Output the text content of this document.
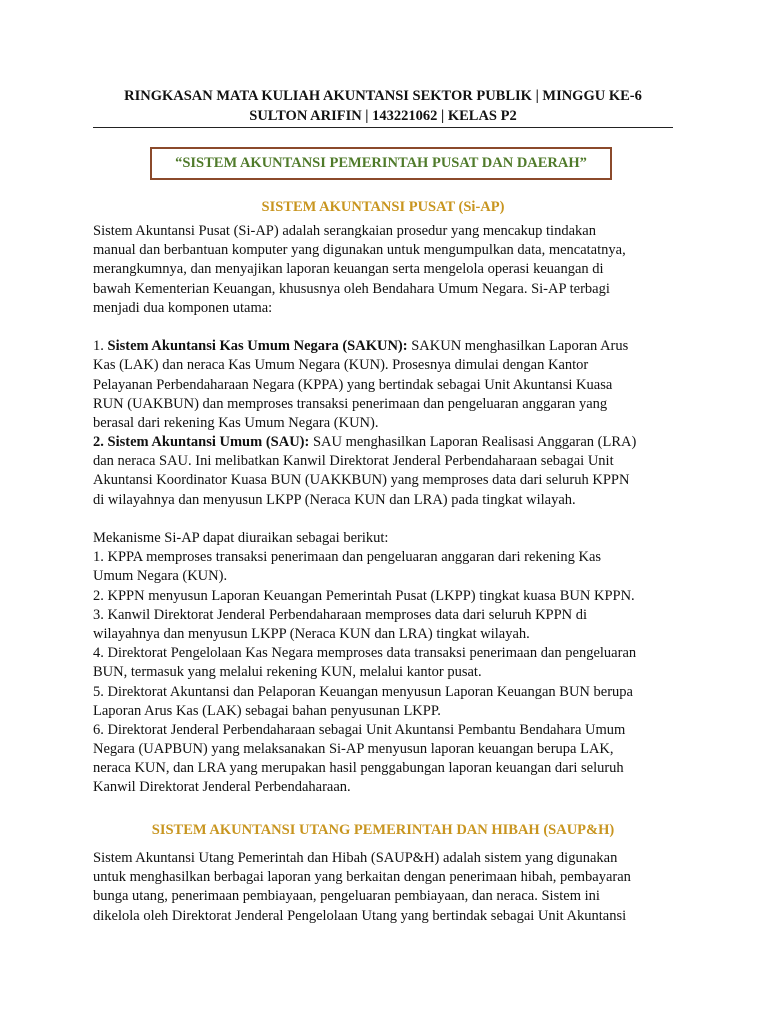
RINGKASAN MATA KULIAH AKUNTANSI SEKTOR PUBLIK | MINGGU KE-6
SULTON ARIFIN | 143221062 | KELAS P2
“SISTEM AKUNTANSI PEMERINTAH PUSAT DAN DAERAH”
SISTEM AKUNTANSI PUSAT (Si-AP)
Sistem Akuntansi Pusat (Si-AP) adalah serangkaian prosedur yang mencakup tindakan
manual dan berbantuan komputer yang digunakan untuk mengumpulkan data, mencatatnya,
merangkumnya, dan menyajikan laporan keuangan serta mengelola operasi keuangan di
bawah Kementerian Keuangan, khususnya oleh Bendahara Umum Negara. Si-AP terbagi
menjadi dua komponen utama:
1. Sistem Akuntansi Kas Umum Negara (SAKUN): SAKUN menghasilkan Laporan Arus
Kas (LAK) dan neraca Kas Umum Negara (KUN). Prosesnya dimulai dengan Kantor
Pelayanan Perbendaharaan Negara (KPPA) yang bertindak sebagai Unit Akuntansi Kuasa
RUN (UAKBUN) dan memproses transaksi penerimaan dan pengeluaran anggaran yang
berasal dari rekening Kas Umum Negara (KUN).
2. Sistem Akuntansi Umum (SAU): SAU menghasilkan Laporan Realisasi Anggaran (LRA)
dan neraca SAU. Ini melibatkan Kanwil Direktorat Jenderal Perbendaharaan sebagai Unit
Akuntansi Koordinator Kuasa BUN (UAKKBUN) yang memproses data dari seluruh KPPN
di wilayahnya dan menyusun LKPP (Neraca KUN dan LRA) pada tingkat wilayah.
Mekanisme Si-AP dapat diuraikan sebagai berikut:
1. KPPA memproses transaksi penerimaan dan pengeluaran anggaran dari rekening Kas
Umum Negara (KUN).
2. KPPN menyusun Laporan Keuangan Pemerintah Pusat (LKPP) tingkat kuasa BUN KPPN.
3. Kanwil Direktorat Jenderal Perbendaharaan memproses data dari seluruh KPPN di
wilayahnya dan menyusun LKPP (Neraca KUN dan LRA) tingkat wilayah.
4. Direktorat Pengelolaan Kas Negara memproses data transaksi penerimaan dan pengeluaran
BUN, termasuk yang melalui rekening KUN, melalui kantor pusat.
5. Direktorat Akuntansi dan Pelaporan Keuangan menyusun Laporan Keuangan BUN berupa
Laporan Arus Kas (LAK) sebagai bahan penyusunan LKPP.
6. Direktorat Jenderal Perbendaharaan sebagai Unit Akuntansi Pembantu Bendahara Umum
Negara (UAPBUN) yang melaksanakan Si-AP menyusun laporan keuangan berupa LAK,
neraca KUN, dan LRA yang merupakan hasil penggabungan laporan keuangan dari seluruh
Kanwil Direktorat Jenderal Perbendaharaan.
SISTEM AKUNTANSI UTANG PEMERINTAH DAN HIBAH (SAUP&H)
Sistem Akuntansi Utang Pemerintah dan Hibah (SAUP&H) adalah sistem yang digunakan
untuk menghasilkan berbagai laporan yang berkaitan dengan penerimaan hibah, pembayaran
bunga utang, penerimaan pembiayaan, pengeluaran pembiayaan, dan neraca. Sistem ini
dikelola oleh Direktorat Jenderal Pengelolaan Utang yang bertindak sebagai Unit Akuntansi
